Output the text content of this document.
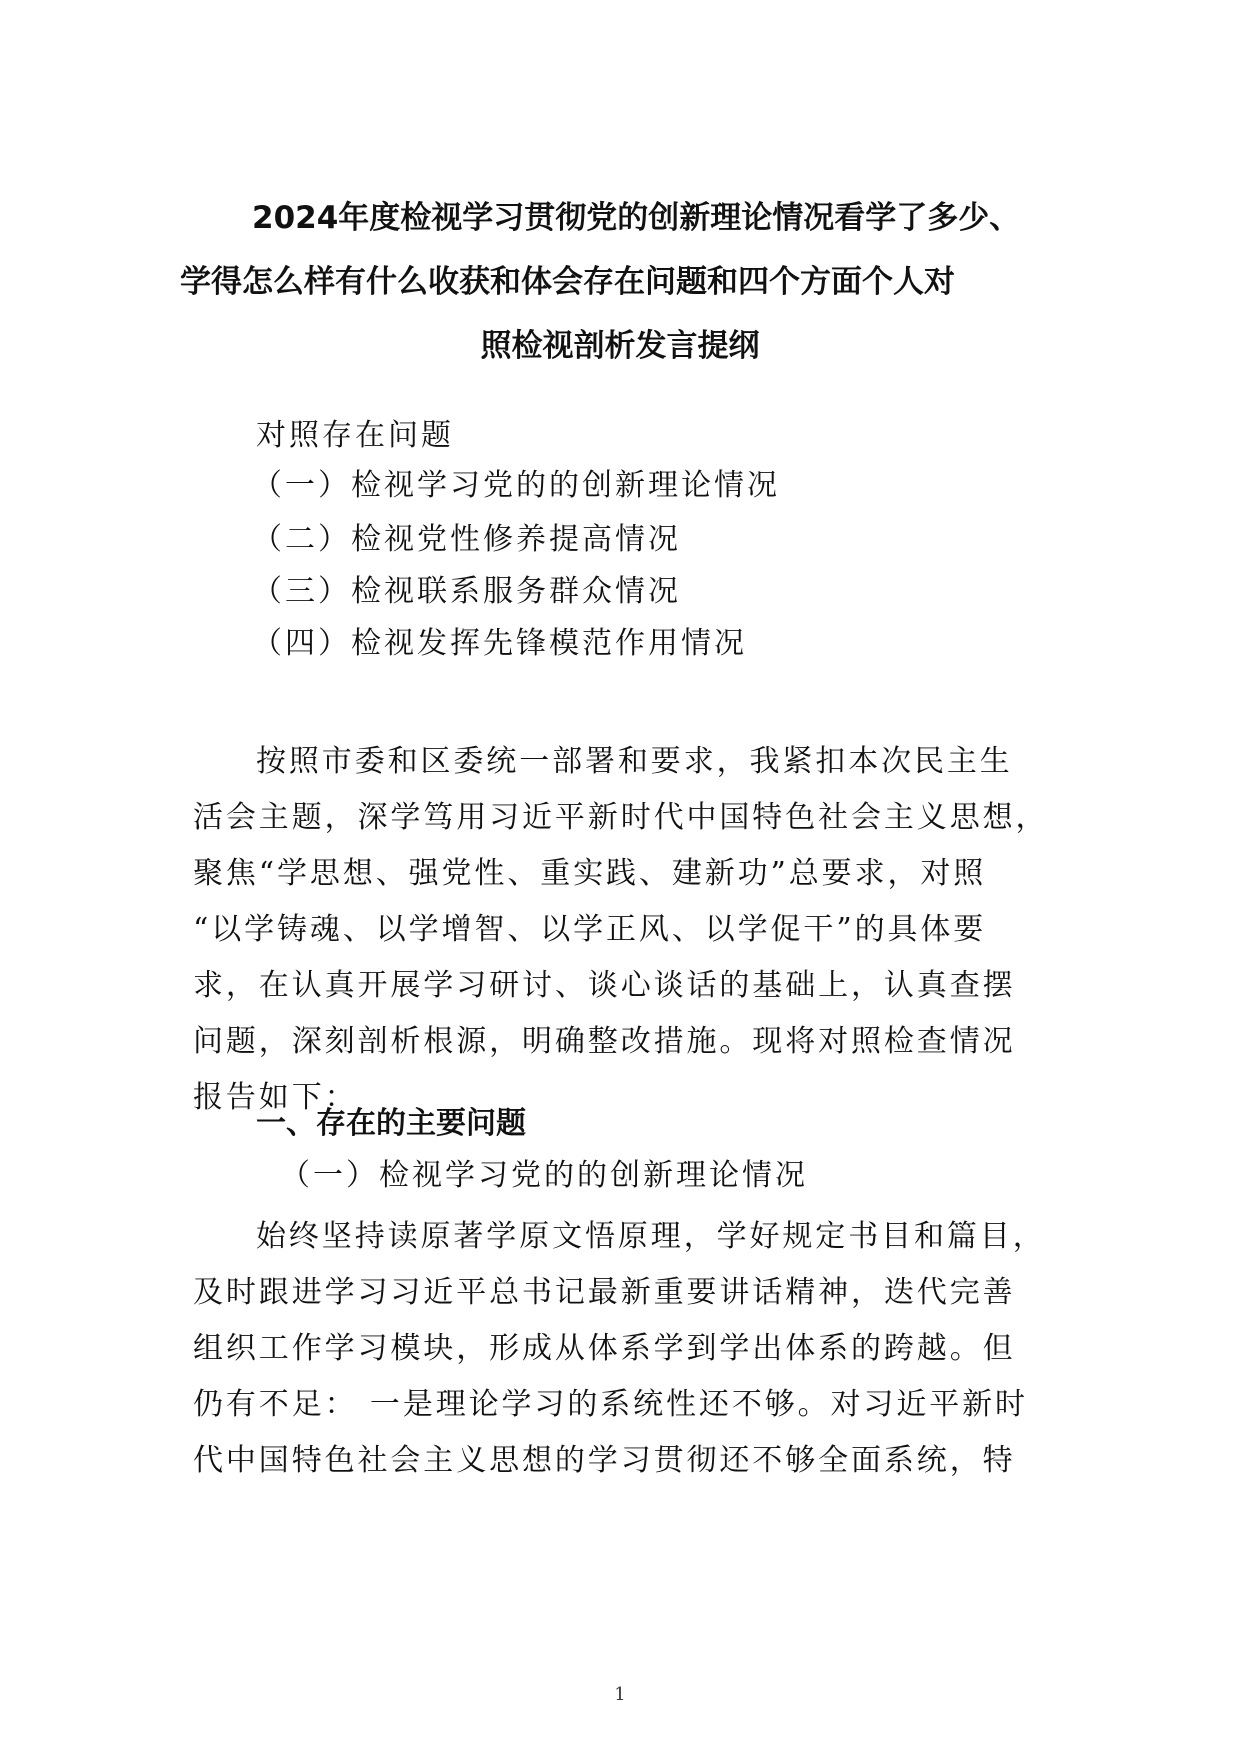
2024年度检视学习贯彻党的创新理论情况看学了多少、
学得怎么样有什么收获和体会存在问题和四个方面个人对
照检视剖析发言提纲
对照存在问题
（一）检视学习党的的创新理论情况
（二）检视党性修养提高情况
（三）检视联系服务群众情况
（四）检视发挥先锋模范作用情况
按照市委和区委统一部署和要求，我紧扣本次民主生
活会主题，深学笃用习近平新时代中国特色社会主义思想，
聚焦“学思想、强党性、重实践、建新功”总要求，对照
“以学铸魂、以学增智、以学正风、以学促干”的具体要
求，在认真开展学习研讨、谈心谈话的基础上，认真查摆
问题，深刻剖析根源，明确整改措施。现将对照检查情况
报告如下：
一、存在的主要问题
（一）检视学习党的的创新理论情况
始终坚持读原著学原文悟原理，学好规定书目和篇目，
及时跟进学习习近平总书记最新重要讲话精神，迭代完善
组织工作学习模块，形成从体系学到学出体系的跨越。但
仍有不足： 一是理论学习的系统性还不够。对习近平新时
代中国特色社会主义思想的学习贯彻还不够全面系统，特
1
